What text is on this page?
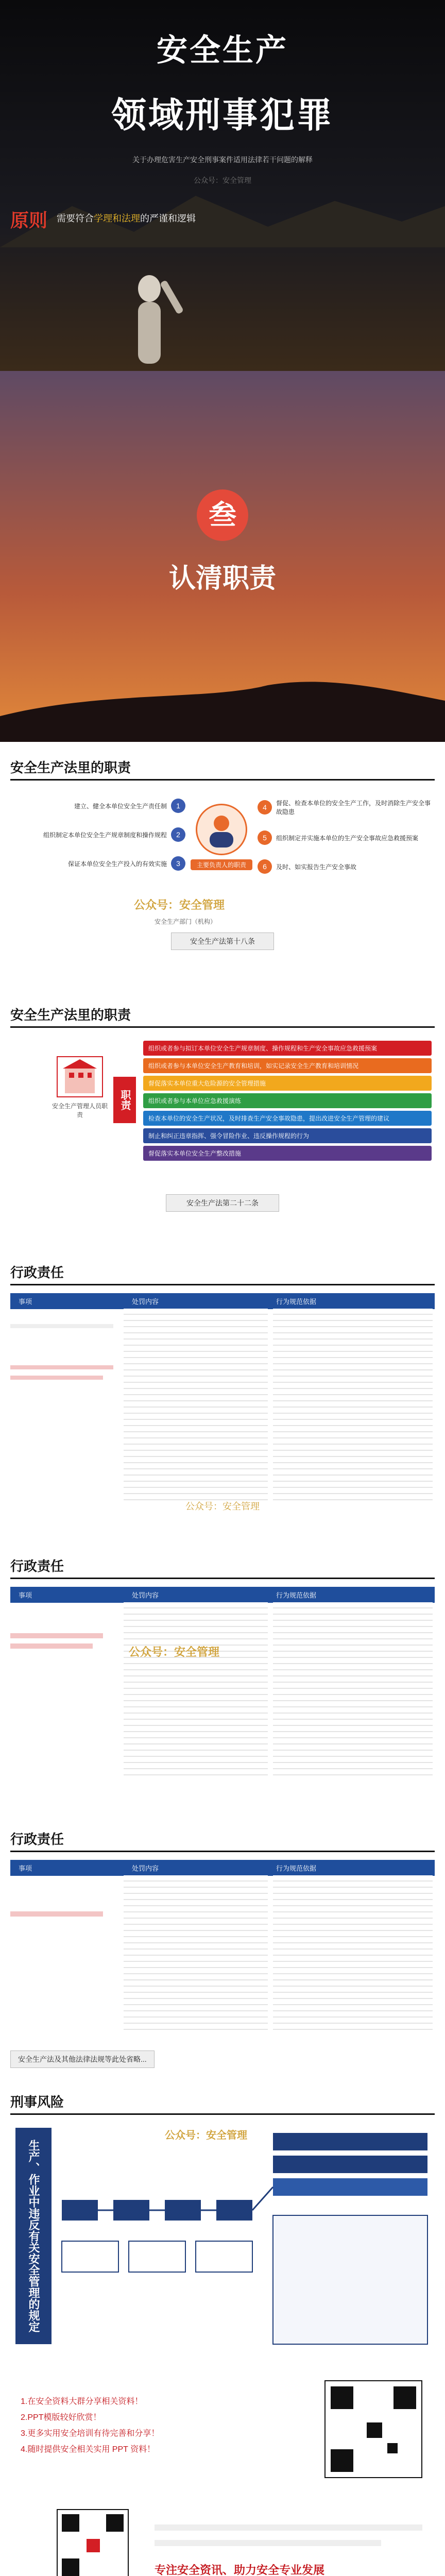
安全生产
领域刑事犯罪
关于办理危害生产安全刑事案件适用法律若干问题的解释
公众号：安全管理
原则 需要符合学理和法理的严谨和逻辑
叁
认清职责
安全生产法里的职责
主要负责人的职责
建立、健全本单位安全生产责任制	1
组织制定本单位安全生产规章制度和操作规程	2
保证本单位安全生产投入的有效实施	3
4	督促、检查本单位的安全生产工作，及时消除生产安全事故隐患
5	组织制定并实施本单位的生产安全事故应急救援预案
6	及时、如实报告生产安全事故
公众号：安全管理
安全生产部门（机构）
安全生产法第十八条
安全生产法里的职责
安全生产管理人员职责
职责
组织或者参与拟订本单位安全生产规章制度、操作规程和生产安全事故应急救援预案
组织或者参与本单位安全生产教育和培训，如实记录安全生产教育和培训情况
督促落实本单位重大危险源的安全管理措施
组织或者参与本单位应急救援演练
检查本单位的安全生产状况，及时排查生产安全事故隐患，提出改进安全生产管理的建议
制止和纠正违章指挥、强令冒险作业、违反操作规程的行为
督促落实本单位安全生产整改措施
安全生产法第二十二条
行政责任
事项	处罚内容	行为规范依据
公众号：安全管理
行政责任
事项	处罚内容	行为规范依据
公众号：安全管理
行政责任
事项	处罚内容	行为规范依据
安全生产法及其他法律法规等此处省略...
刑事风险
生产、作业中违反有关安全管理的规定
公众号：安全管理
1.在安全资料大群分享相关资料！
2.PPT模版较好欣赏！
3.更多实用安全培训有待完善和分享！
4.随时提供安全相关实用 PPT 资料！
专注安全资讯、助力安全专业发展
